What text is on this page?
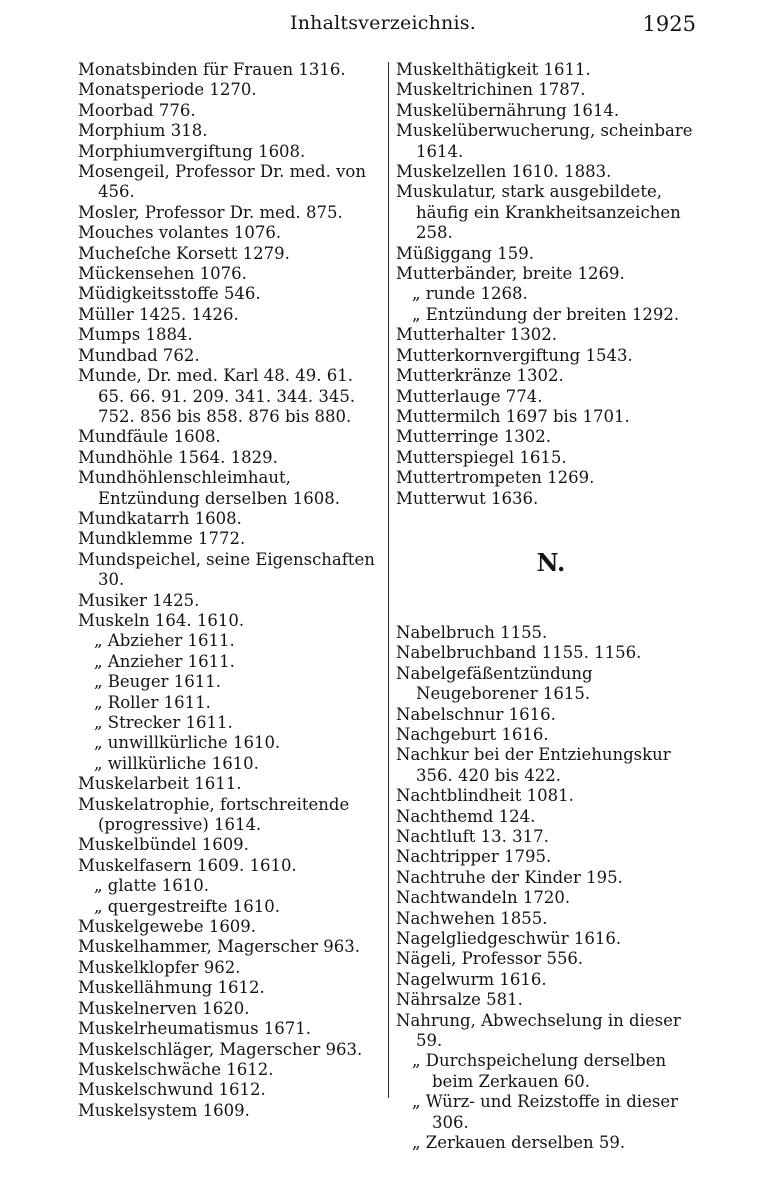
Inhaltsverzeichnis.	1925
Monatsbinden für Frauen 1316.
Monatsperiode 1270.
Moorbad 776.
Morphium 318.
Morphiumvergiftung 1608.
Mosengeil, Professor Dr. med. von 456.
Mosler, Professor Dr. med. 875.
Mouches volantes 1076.
Mucheſche Korsett 1279.
Mückensehen 1076.
Müdigkeitsstoffe 546.
Müller 1425. 1426.
Mumps 1884.
Mundbad 762.
Munde, Dr. med. Karl 48. 49. 61. 65. 66. 91. 209. 341. 344. 345. 752. 856 bis 858. 876 bis 880.
Mundfäule 1608.
Mundhöhle 1564. 1829.
Mundhöhlenschleimhaut, Entzündung derselben 1608.
Mundkatarrh 1608.
Mundklemme 1772.
Mundspeichel, seine Eigenschaften 30.
Musiker 1425.
Muskeln 164. 1610.
„ Abzieher 1611.
„ Anzieher 1611.
„ Beuger 1611.
„ Roller 1611.
„ Strecker 1611.
„ unwillkürliche 1610.
„ willkürliche 1610.
Muskelarbeit 1611.
Muskelatrophie, fortschreitende (progressive) 1614.
Muskelbündel 1609.
Muskelfasern 1609. 1610.
„ glatte 1610.
„ quergestreifte 1610.
Muskelgewebe 1609.
Muskelhammer, Magerscher 963.
Muskelklopfer 962.
Muskellähmung 1612.
Muskelnerven 1620.
Muskelrheumatismus 1671.
Muskelschläger, Magerscher 963.
Muskelschwäche 1612.
Muskelschwund 1612.
Muskelsystem 1609.
Muskelthätigkeit 1611.
Muskeltrichinen 1787.
Muskelübernährung 1614.
Muskelüberwucherung, scheinbare 1614.
Muskelzellen 1610. 1883.
Muskulatur, stark ausgebildete, häufig ein Krankheitsanzeichen 258.
Müßiggang 159.
Mutterbänder, breite 1269.
„ runde 1268.
„ Entzündung der breiten 1292.
Mutterhalter 1302.
Mutterkornvergiftung 1543.
Mutterkränze 1302.
Mutterlauge 774.
Muttermilch 1697 bis 1701.
Mutterringe 1302.
Mutterspiegel 1615.
Muttertrompeten 1269.
Mutterwut 1636.
N.
Nabelbruch 1155.
Nabelbruchband 1155. 1156.
Nabelgefäßentzündung Neugeborener 1615.
Nabelschnur 1616.
Nachgeburt 1616.
Nachkur bei der Entziehungskur 356. 420 bis 422.
Nachtblindheit 1081.
Nachthemd 124.
Nachtluft 13. 317.
Nachtripper 1795.
Nachtruhe der Kinder 195.
Nachtwandeln 1720.
Nachwehen 1855.
Nagelgliedgeschwür 1616.
Nägeli, Professor 556.
Nagelwurm 1616.
Nährsalze 581.
Nahrung, Abwechselung in dieser 59.
„ Durchspeichelung derselben beim Zerkauen 60.
„ Würz- und Reizstoffe in dieser 306.
„ Zerkauen derselben 59.
